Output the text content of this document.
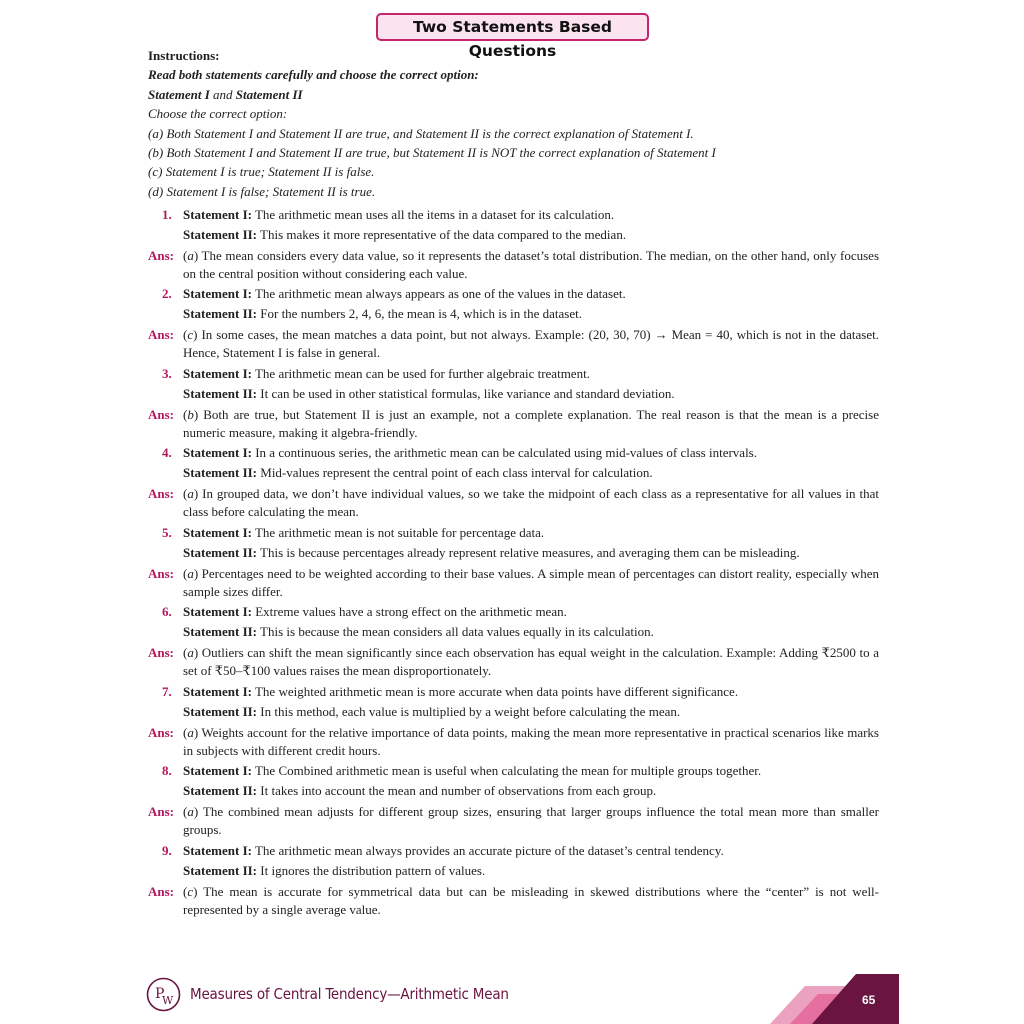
Two Statements Based Questions
Instructions:
Read both statements carefully and choose the correct option:
Statement I and Statement II
Choose the correct option:
(a) Both Statement I and Statement II are true, and Statement II is the correct explanation of Statement I.
(b) Both Statement I and Statement II are true, but Statement II is NOT the correct explanation of Statement I
(c) Statement I is true; Statement II is false.
(d) Statement I is false; Statement II is true.
1. Statement I: The arithmetic mean uses all the items in a dataset for its calculation.
Statement II: This makes it more representative of the data compared to the median.
Ans: (a) The mean considers every data value, so it represents the dataset’s total distribution. The median, on the other hand, only focuses on the central position without considering each value.
2. Statement I: The arithmetic mean always appears as one of the values in the dataset.
Statement II: For the numbers 2, 4, 6, the mean is 4, which is in the dataset.
Ans: (c) In some cases, the mean matches a data point, but not always. Example: (20, 30, 70) → Mean = 40, which is not in the dataset. Hence, Statement I is false in general.
3. Statement I: The arithmetic mean can be used for further algebraic treatment.
Statement II: It can be used in other statistical formulas, like variance and standard deviation.
Ans: (b) Both are true, but Statement II is just an example, not a complete explanation. The real reason is that the mean is a precise numeric measure, making it algebra-friendly.
4. Statement I: In a continuous series, the arithmetic mean can be calculated using mid-values of class intervals.
Statement II: Mid-values represent the central point of each class interval for calculation.
Ans: (a) In grouped data, we don’t have individual values, so we take the midpoint of each class as a representative for all values in that class before calculating the mean.
5. Statement I: The arithmetic mean is not suitable for percentage data.
Statement II: This is because percentages already represent relative measures, and averaging them can be misleading.
Ans: (a) Percentages need to be weighted according to their base values. A simple mean of percentages can distort reality, especially when sample sizes differ.
6. Statement I: Extreme values have a strong effect on the arithmetic mean.
Statement II: This is because the mean considers all data values equally in its calculation.
Ans: (a) Outliers can shift the mean significantly since each observation has equal weight in the calculation. Example: Adding ₹2500 to a set of ₹50–₹100 values raises the mean disproportionately.
7. Statement I: The weighted arithmetic mean is more accurate when data points have different significance.
Statement II: In this method, each value is multiplied by a weight before calculating the mean.
Ans: (a) Weights account for the relative importance of data points, making the mean more representative in practical scenarios like marks in subjects with different credit hours.
8. Statement I: The Combined arithmetic mean is useful when calculating the mean for multiple groups together.
Statement II: It takes into account the mean and number of observations from each group.
Ans: (a) The combined mean adjusts for different group sizes, ensuring that larger groups influence the total mean more than smaller groups.
9. Statement I: The arithmetic mean always provides an accurate picture of the dataset’s central tendency.
Statement II: It ignores the distribution pattern of values.
Ans: (c) The mean is accurate for symmetrical data but can be misleading in skewed distributions where the “center” is not well-represented by a single average value.
65
P
W Measures of Central Tendency—Arithmetic Mean
